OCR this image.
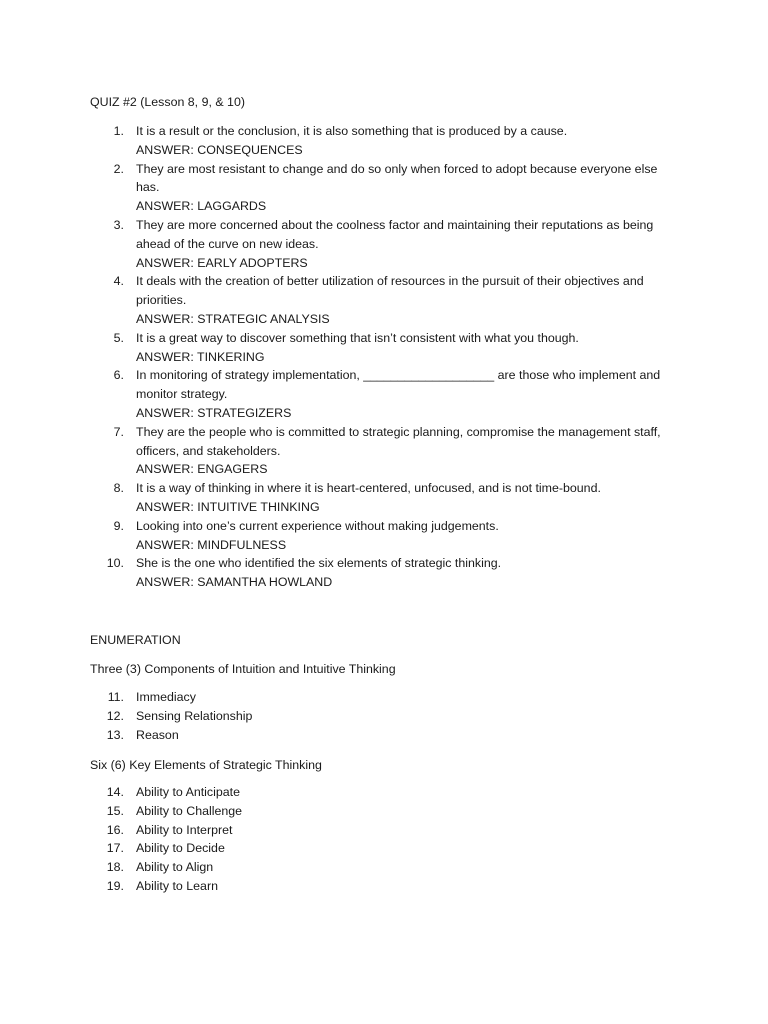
QUIZ #2 (Lesson 8, 9, & 10)
1. It is a result or the conclusion, it is also something that is produced by a cause.
ANSWER: CONSEQUENCES
2. They are most resistant to change and do so only when forced to adopt because everyone else
has.
ANSWER: LAGGARDS
3. They are more concerned about the coolness factor and maintaining their reputations as being
ahead of the curve on new ideas.
ANSWER: EARLY ADOPTERS
4. It deals with the creation of better utilization of resources in the pursuit of their objectives and
priorities.
ANSWER: STRATEGIC ANALYSIS
5. It is a great way to discover something that isn’t consistent with what you though.
ANSWER: TINKERING
6. In monitoring of strategy implementation, ___________________ are those who implement and
monitor strategy.
ANSWER: STRATEGIZERS
7. They are the people who is committed to strategic planning, compromise the management staff,
officers, and stakeholders.
ANSWER: ENGAGERS
8. It is a way of thinking in where it is heart-centered, unfocused, and is not time-bound.
ANSWER: INTUITIVE THINKING
9. Looking into one’s current experience without making judgements.
ANSWER: MINDFULNESS
10. She is the one who identified the six elements of strategic thinking.
ANSWER: SAMANTHA HOWLAND
ENUMERATION
Three (3) Components of Intuition and Intuitive Thinking
11. Immediacy
12. Sensing Relationship
13. Reason
Six (6) Key Elements of Strategic Thinking
14. Ability to Anticipate
15. Ability to Challenge
16. Ability to Interpret
17. Ability to Decide
18. Ability to Align
19. Ability to Learn
